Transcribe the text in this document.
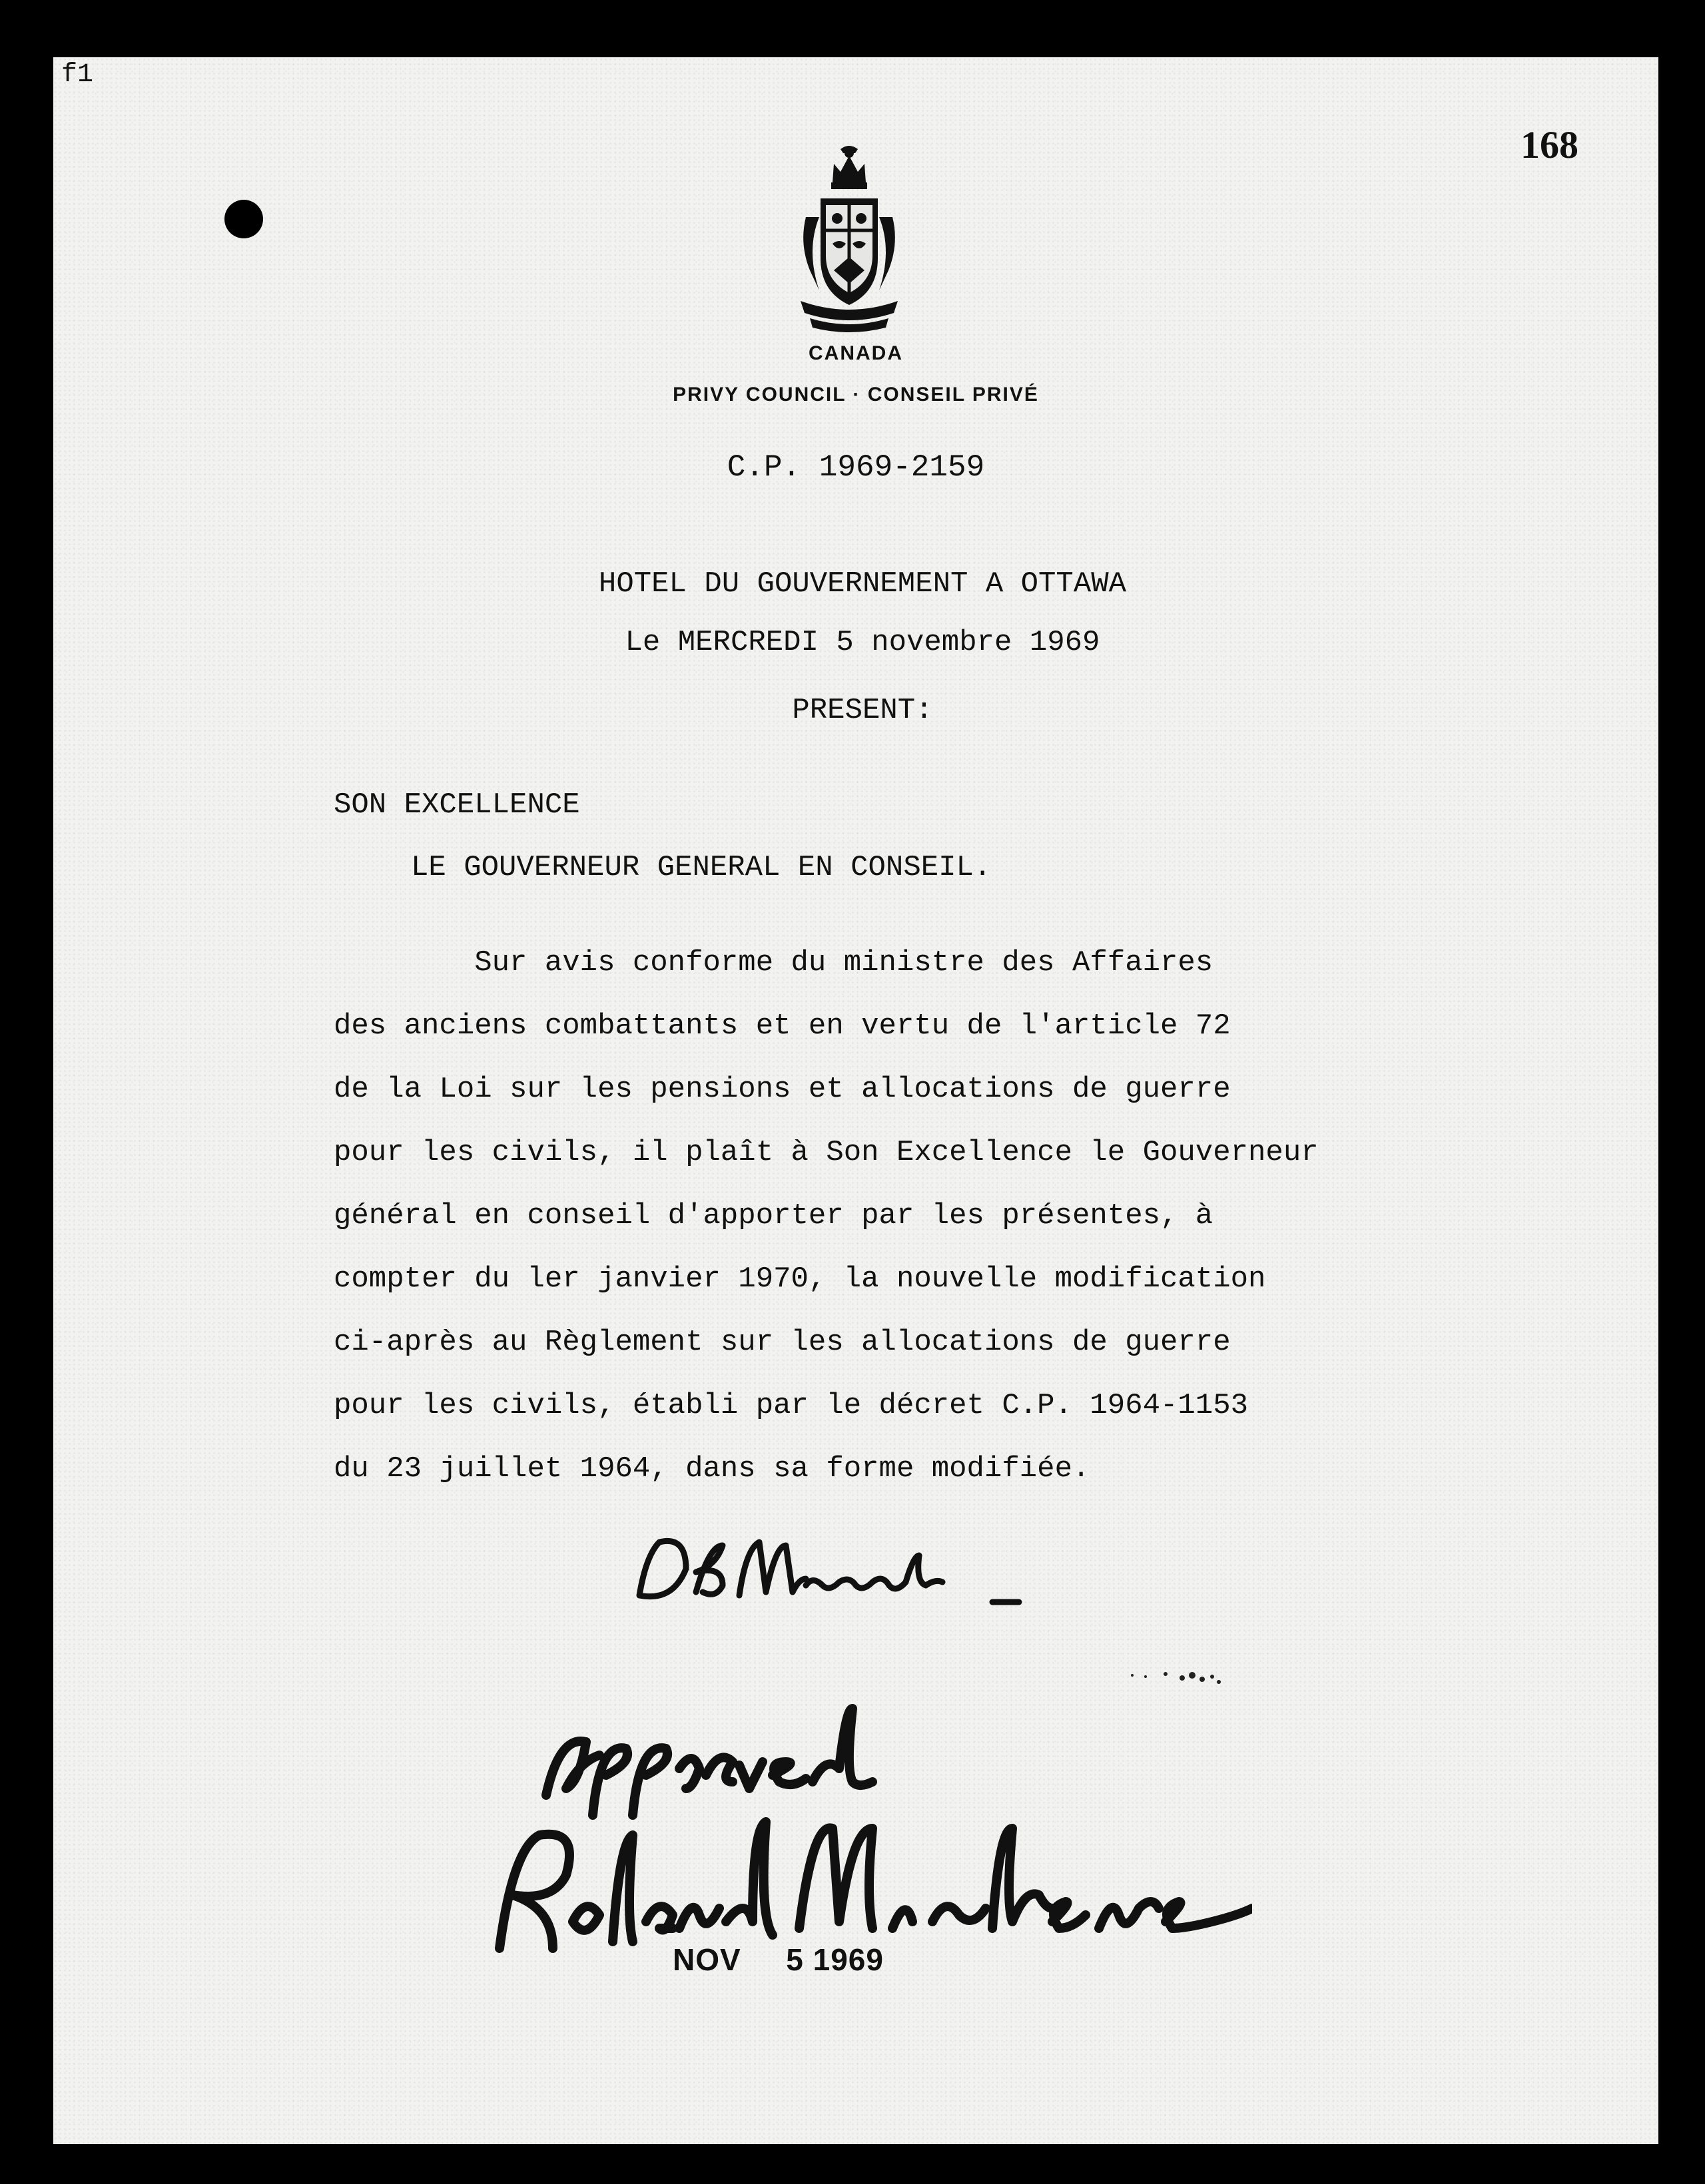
f1
168
CANADA
PRIVY COUNCIL · CONSEIL PRIVÉ
C.P. 1969-2159
HOTEL DU GOUVERNEMENT A OTTAWA
Le MERCREDI 5 novembre 1969
PRESENT:
SON EXCELLENCE
LE GOUVERNEUR GENERAL EN CONSEIL.
Sur avis conforme du ministre des Affaires
des anciens combattants et en vertu de l'article 72
de la Loi sur les pensions et allocations de guerre
pour les civils, il plaît à Son Excellence le Gouverneur
général en conseil d'apporter par les présentes, à
compter du ler janvier 1970, la nouvelle modification
ci-après au Règlement sur les allocations de guerre
pour les civils, établi par le décret C.P. 1964-1153
du 23 juillet 1964, dans sa forme modifiée.
NOV 5 1969
